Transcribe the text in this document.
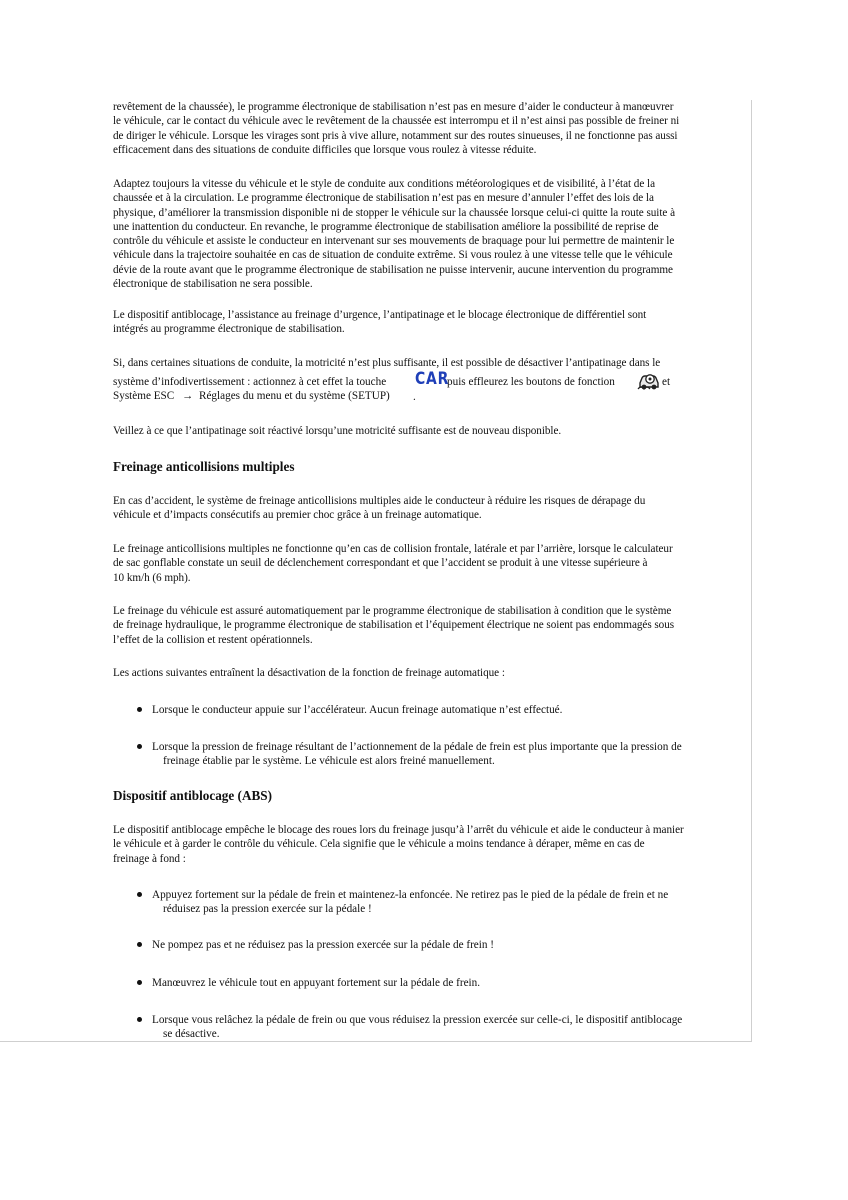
revêtement de la chaussée), le programme électronique de stabilisation n’est pas en mesure d’aider le conducteur à manœuvrer
le véhicule, car le contact du véhicule avec le revêtement de la chaussée est interrompu et il n’est ainsi pas possible de freiner ni
de diriger le véhicule. Lorsque les virages sont pris à vive allure, notamment sur des routes sinueuses, il ne fonctionne pas aussi
efficacement dans des situations de conduite difficiles que lorsque vous roulez à vitesse réduite.

Adaptez toujours la vitesse du véhicule et le style de conduite aux conditions météorologiques et de visibilité, à l’état de la
chaussée et à la circulation. Le programme électronique de stabilisation n’est pas en mesure d’annuler l’effet des lois de la
physique, d’améliorer la transmission disponible ni de stopper le véhicule sur la chaussée lorsque celui-ci quitte la route suite à
une inattention du conducteur. En revanche, le programme électronique de stabilisation améliore la possibilité de reprise de
contrôle du véhicule et assiste le conducteur en intervenant sur ses mouvements de braquage pour lui permettre de maintenir le
véhicule dans la trajectoire souhaitée en cas de situation de conduite extrême. Si vous roulez à une vitesse telle que le véhicule
dévie de la route avant que le programme électronique de stabilisation ne puisse intervenir, aucune intervention du programme
électronique de stabilisation ne sera possible.

Le dispositif antiblocage, l’assistance au freinage d’urgence, l’antipatinage et le blocage électronique de différentiel sont
intégrés au programme électronique de stabilisation.

Si, dans certaines situations de conduite, la motricité n’est plus suffisante, il est possible de désactiver l’antipatinage dans le

système d’infodivertissement : actionnez à cet effet la touche CAR
puis effleurez les boutons de fonction	et
Système ESC → Réglages du menu et du système (SETUP) .

Veillez à ce que l’antipatinage soit réactivé lorsqu’une motricité suffisante est de nouveau disponible.

Freinage anticollisions multiples

En cas d’accident, le système de freinage anticollisions multiples aide le conducteur à réduire les risques de dérapage du
véhicule et d’impacts consécutifs au premier choc grâce à un freinage automatique.

Le freinage anticollisions multiples ne fonctionne qu’en cas de collision frontale, latérale et par l’arrière, lorsque le calculateur
de sac gonflable constate un seuil de déclenchement correspondant et que l’accident se produit à une vitesse supérieure à
10 km/h (6 mph).

Le freinage du véhicule est assuré automatiquement par le programme électronique de stabilisation à condition que le système
de freinage hydraulique, le programme électronique de stabilisation et l’équipement électrique ne soient pas endommagés sous
l’effet de la collision et restent opérationnels.

Les actions suivantes entraînent la désactivation de la fonction de freinage automatique :

Lorsque le conducteur appuie sur l’accélérateur. Aucun freinage automatique n’est effectué.
Lorsque la pression de freinage résultant de l’actionnement de la pédale de frein est plus importante que la pression de
freinage établie par le système. Le véhicule est alors freiné manuellement.
Dispositif antiblocage (ABS)

Le dispositif antiblocage empêche le blocage des roues lors du freinage jusqu’à l’arrêt du véhicule et aide le conducteur à manier
le véhicule et à garder le contrôle du véhicule. Cela signifie que le véhicule a moins tendance à déraper, même en cas de
freinage à fond :

Appuyez fortement sur la pédale de frein et maintenez-la enfoncée. Ne retirez pas le pied de la pédale de frein et ne
réduisez pas la pression exercée sur la pédale !
Ne pompez pas et ne réduisez pas la pression exercée sur la pédale de frein !
Manœuvrez le véhicule tout en appuyant fortement sur la pédale de frein.
Lorsque vous relâchez la pédale de frein ou que vous réduisez la pression exercée sur celle-ci, le dispositif antiblocage
se désactive.
